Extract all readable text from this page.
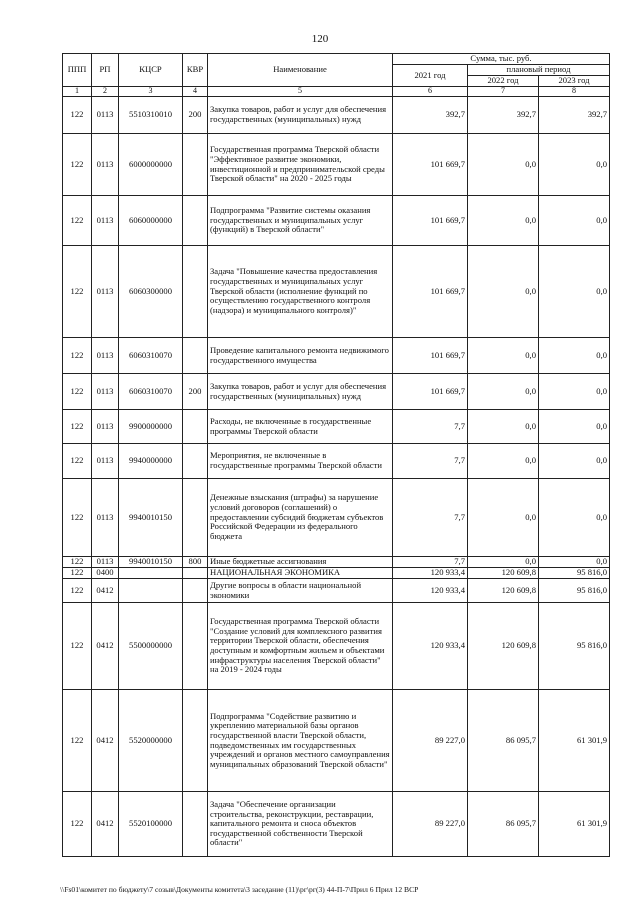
120
ППП	РП	КЦСР	КВР	Наименование	Сумма, тыс. руб.		
					2021 год	плановый период	
						2022 год	2023 год
1	2	3	4	5	6	7	8
122	0113	5510310010	200	Закупка товаров, работ и услуг для обеспечения государственных (муниципальных) нужд	392,7	392,7	392,7
122	0113	6000000000		Государственная программа Тверской области "Эффективное развитие экономики, инвестиционной и предпринимательской среды Тверской области" на 2020 - 2025 годы	101 669,7	0,0	0,0
122	0113	6060000000		Подпрограмма "Развитие системы оказания государственных и муниципальных услуг (функций) в Тверской области"	101 669,7	0,0	0,0
122	0113	6060300000		Задача "Повышение качества предоставления государственных и муниципальных услуг Тверской области (исполнение функций по осуществлению государственного контроля (надзора) и муниципального контроля)"	101 669,7	0,0	0,0
122	0113	6060310070		Проведение капитального ремонта недвижимого государственного имущества	101 669,7	0,0	0,0
122	0113	6060310070	200	Закупка товаров, работ и услуг для обеспечения государственных (муниципальных) нужд	101 669,7	0,0	0,0
122	0113	9900000000		Расходы, не включенные в государственные программы Тверской области	7,7	0,0	0,0
122	0113	9940000000		Мероприятия, не включенные в государственные программы Тверской области	7,7	0,0	0,0
122	0113	9940010150		Денежные взыскания (штрафы) за нарушение условий договоров (соглашений) о предоставлении субсидий бюджетам субъектов Российской Федерации из федерального бюджета	7,7	0,0	0,0
122	0113	9940010150	800	Иные бюджетные ассигнования	7,7	0,0	0,0
122	0400			НАЦИОНАЛЬНАЯ ЭКОНОМИКА	120 933,4	120 609,8	95 816,0
122	0412			Другие вопросы в области национальной экономики	120 933,4	120 609,8	95 816,0
122	0412	5500000000		Государственная программа Тверской области "Создание условий для комплексного развития территории Тверской области, обеспечения доступным и комфортным жильем и объектами инфраструктуры населения Тверской области" на 2019 - 2024 годы	120 933,4	120 609,8	95 816,0
122	0412	5520000000		Подпрограмма "Содействие развитию и укреплению материальной базы органов государственной власти Тверской области, подведомственных им государственных учреждений и органов местного самоуправления муниципальных образований Тверской области"	89 227,0	86 095,7	61 301,9
122	0412	5520100000		Задача "Обеспечение организации строительства, реконструкции, реставрации, капитального ремонта и сноса объектов государственной собственности Тверской области"	89 227,0	86 095,7	61 301,9
\\Fs01\комитет по бюджету\7 созыв\Документы комитета\3 заседание (11)\рг\рг(3) 44-П-7\Прил 6 Прил 12 ВСР
